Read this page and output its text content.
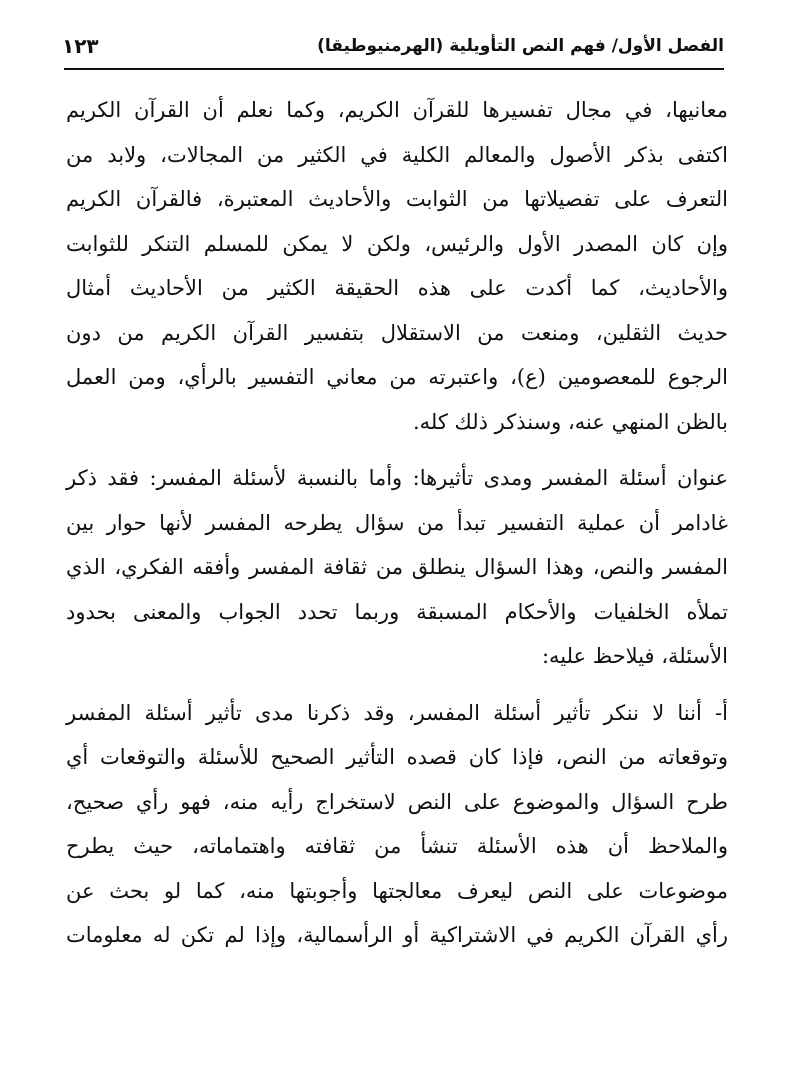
الفصل الأول/ فهم النص التأويلية (الهرمنيوطيقا)
١٢٣

معانيها، في مجال تفسيرها للقرآن الكريم، وكما نعلم أن القرآن الكريم
اكتفى بذكر الأصول والمعالم الكلية في الكثير من المجالات، ولابد من
التعرف على تفصيلاتها من الثوابت والأحاديث المعتبرة، فالقرآن الكريم
وإن كان المصدر الأول والرئيس، ولكن لا يمكن للمسلم التنكر للثوابت
والأحاديث، كما أكدت على هذه الحقيقة الكثير من الأحاديث أمثال
حديث الثقلين، ومنعت من الاستقلال بتفسير القرآن الكريم من دون
الرجوع للمعصومين (ع)، واعتبرته من معاني التفسير بالرأي، ومن العمل
بالظن المنهي عنه، وسنذكر ذلك كله.

عنوان أسئلة المفسر ومدى تأثيرها: وأما بالنسبة لأسئلة المفسر: فقد ذكر
غادامر أن عملية التفسير تبدأ من سؤال يطرحه المفسر لأنها حوار بين
المفسر والنص، وهذا السؤال ينطلق من ثقافة المفسر وأفقه الفكري، الذي
تملأه الخلفيات والأحكام المسبقة وربما تحدد الجواب والمعنى بحدود
الأسئلة، فيلاحظ عليه:

أ- أننا لا ننكر تأثير أسئلة المفسر، وقد ذكرنا مدى تأثير أسئلة المفسر
وتوقعاته من النص، فإذا كان قصده التأثير الصحيح للأسئلة والتوقعات أي
طرح السؤال والموضوع على النص لاستخراج رأيه منه، فهو رأي صحيح،
والملاحظ أن هذه الأسئلة تنشأ من ثقافته واهتماماته، حيث يطرح
موضوعات على النص ليعرف معالجتها وأجوبتها منه، كما لو بحث عن
رأي القرآن الكريم في الاشتراكية أو الرأسمالية، وإذا لم تكن له معلومات
